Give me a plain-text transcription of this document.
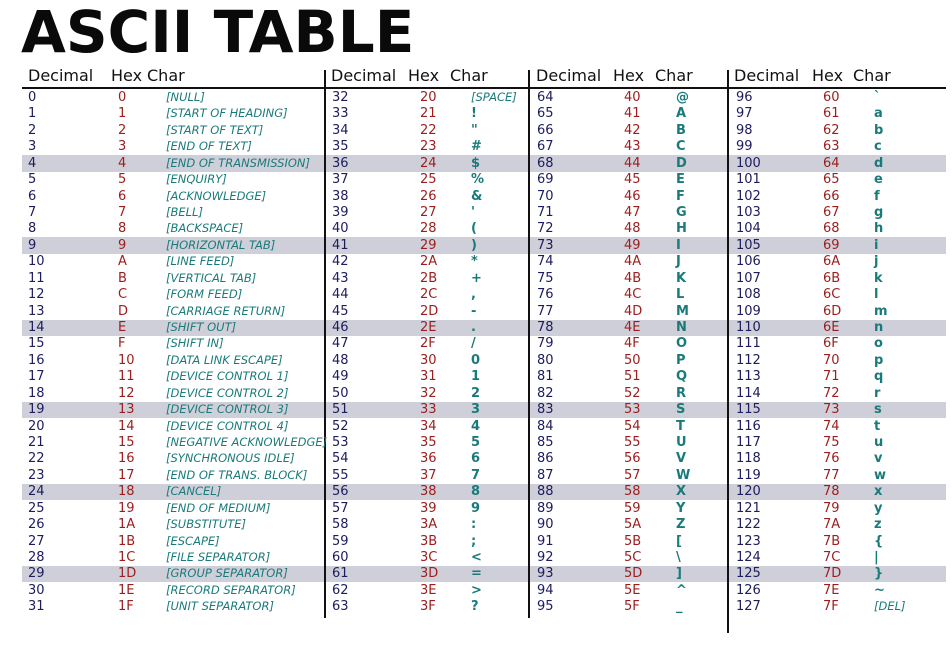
ASCII TABLE
Decimal Hex Char	Decimal Hex Char	Decimal Hex Char	Decimal Hex Char
0	0	[NULL]
1	1	[START OF HEADING]
2	2	[START OF TEXT]
3	3	[END OF TEXT]
4	4	[END OF TRANSMISSION]
5	5	[ENQUIRY]
6	6	[ACKNOWLEDGE]
7	7	[BELL]
8	8	[BACKSPACE]
9	9	[HORIZONTAL TAB]
10	A	[LINE FEED]
11	B	[VERTICAL TAB]
12	C	[FORM FEED]
13	D	[CARRIAGE RETURN]
14	E	[SHIFT OUT]
15	F	[SHIFT IN]
16	10	[DATA LINK ESCAPE]
17	11	[DEVICE CONTROL 1]
18	12	[DEVICE CONTROL 2]
19	13	[DEVICE CONTROL 3]
20	14	[DEVICE CONTROL 4]
21	15	[NEGATIVE ACKNOWLEDGE]
22	16	[SYNCHRONOUS IDLE]
23	17	[END OF TRANS. BLOCK]
24	18	[CANCEL]
25	19	[END OF MEDIUM]
26	1A	[SUBSTITUTE]
27	1B	[ESCAPE]
28	1C	[FILE SEPARATOR]
29	1D	[GROUP SEPARATOR]
30	1E	[RECORD SEPARATOR]
31	1F	[UNIT SEPARATOR]
32	20	[SPACE]
33	21	!
34	22	"
35	23	#
36	24	$
37	25	%
38	26	&
39	27	'
40	28	(
41	29	)
42	2A	*
43	2B	+
44	2C	,
45	2D	-
46	2E	.
47	2F	/
48	30	0
49	31	1
50	32	2
51	33	3
52	34	4
53	35	5
54	36	6
55	37	7
56	38	8
57	39	9
58	3A	:
59	3B	;
60	3C	<
61	3D	=
62	3E	>
63	3F	?
64	40	@
65	41	A
66	42	B
67	43	C
68	44	D
69	45	E
70	46	F
71	47	G
72	48	H
73	49	I
74	4A	J
75	4B	K
76	4C	L
77	4D	M
78	4E	N
79	4F	O
80	50	P
81	51	Q
82	52	R
83	53	S
84	54	T
85	55	U
86	56	V
87	57	W
88	58	X
89	59	Y
90	5A	Z
91	5B	[
92	5C	\
93	5D	]
94	5E	^
95	5F	_
96	60	`
97	61	a
98	62	b
99	63	c
100	64	d
101	65	e
102	66	f
103	67	g
104	68	h
105	69	i
106	6A	j
107	6B	k
108	6C	l
109	6D	m
110	6E	n
111	6F	o
112	70	p
113	71	q
114	72	r
115	73	s
116	74	t
117	75	u
118	76	v
119	77	w
120	78	x
121	79	y
122	7A	z
123	7B	{
124	7C	|
125	7D	}
126	7E	~
127	7F	[DEL]
